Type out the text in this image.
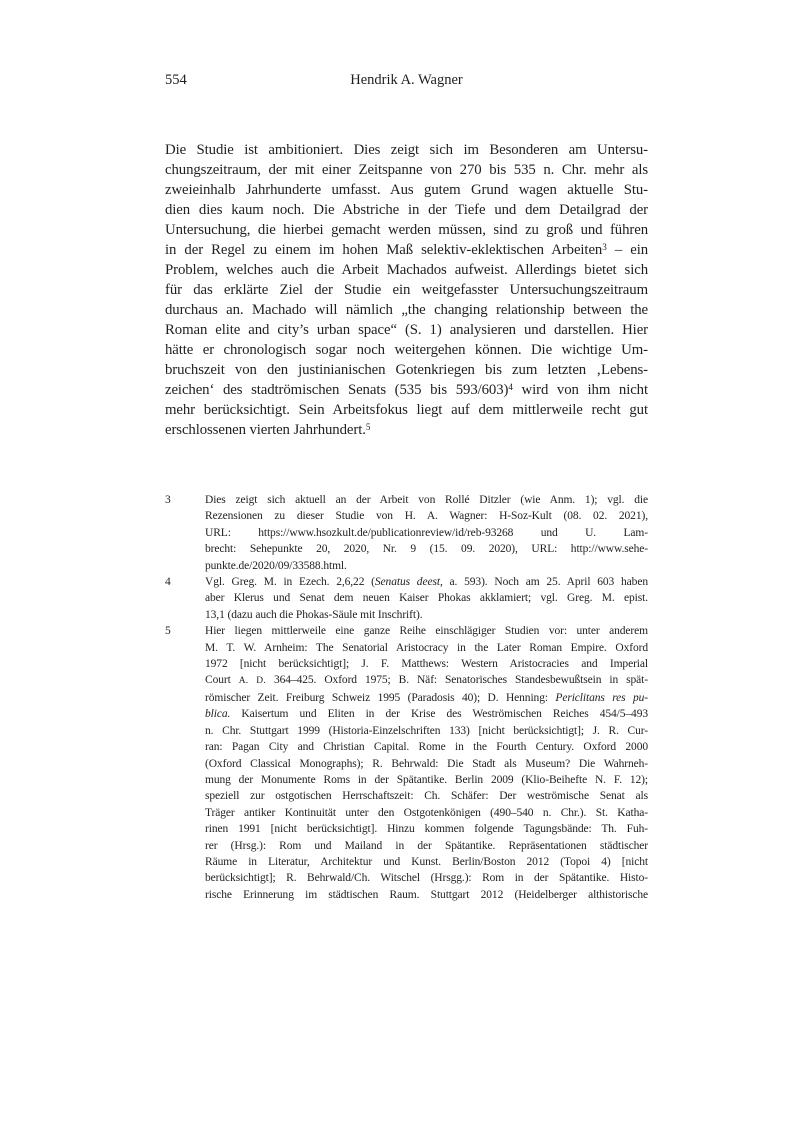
554	Hendrik A. Wagner
Die Studie ist ambitioniert. Dies zeigt sich im Besonderen am Untersu-
chungszeitraum, der mit einer Zeitspanne von 270 bis 535 n. Chr. mehr als
zweieinhalb Jahrhunderte umfasst. Aus gutem Grund wagen aktuelle Stu-
dien dies kaum noch. Die Abstriche in der Tiefe und dem Detailgrad der
Untersuchung, die hierbei gemacht werden müssen, sind zu groß und führen
in der Regel zu einem im hohen Maß selektiv-eklektischen Arbeiten$^3$ – ein
Problem, welches auch die Arbeit Machados aufweist. Allerdings bietet sich
für das erklärte Ziel der Studie ein weitgefasster Untersuchungszeitraum
durchaus an. Machado will nämlich „the changing relationship between the
Roman elite and city’s urban space“ (S. 1) analysieren und darstellen. Hier
hätte er chronologisch sogar noch weitergehen können. Die wichtige Um-
bruchszeit von den justinianischen Gotenkriegen bis zum letzten ‚Lebens-
zeichen‘ des stadtrömischen Senats (535 bis 593/603)$^4$ wird von ihm nicht
mehr berücksichtigt. Sein Arbeitsfokus liegt auf dem mittlerweile recht gut
erschlossenen vierten Jahrhundert.$^5$
3	Dies zeigt sich aktuell an der Arbeit von Rollé Ditzler (wie Anm. 1); vgl. die
Rezensionen zu dieser Studie von H. A. Wagner: H-Soz-Kult (08. 02. 2021),
URL: https://www.hsozkult.de/publicationreview/id/reb-93268 und U. Lam-
brecht: Sehepunkte 20, 2020, Nr. 9 (15. 09. 2020), URL: http://www.sehe-
punkte.de/2020/09/33588.html.
4	Vgl. Greg. M. in Ezech. 2,6,22 (Senatus deest, a. 593). Noch am 25. April 603 haben
aber Klerus und Senat dem neuen Kaiser Phokas akklamiert; vgl. Greg. M. epist.
13,1 (dazu auch die Phokas-Säule mit Inschrift).
5	Hier liegen mittlerweile eine ganze Reihe einschlägiger Studien vor: unter anderem
M. T. W. Arnheim: The Senatorial Aristocracy in the Later Roman Empire. Oxford
1972 [nicht berücksichtigt]; J. F. Matthews: Western Aristocracies and Imperial
Court A. D. 364–425. Oxford 1975; B. Näf: Senatorisches Standesbewußtsein in spät-
römischer Zeit. Freiburg Schweiz 1995 (Paradosis 40); D. Henning: Periclitans res pu-
blica. Kaisertum und Eliten in der Krise des Weströmischen Reiches 454/5–493
n. Chr. Stuttgart 1999 (Historia-Einzelschriften 133) [nicht berücksichtigt]; J. R. Cur-
ran: Pagan City and Christian Capital. Rome in the Fourth Century. Oxford 2000
(Oxford Classical Monographs); R. Behrwald: Die Stadt als Museum? Die Wahrneh-
mung der Monumente Roms in der Spätantike. Berlin 2009 (Klio-Beihefte N. F. 12);
speziell zur ostgotischen Herrschaftszeit: Ch. Schäfer: Der weströmische Senat als
Träger antiker Kontinuität unter den Ostgotenkönigen (490–540 n. Chr.). St. Katha-
rinen 1991 [nicht berücksichtigt]. Hinzu kommen folgende Tagungsbände: Th. Fuh-
rer (Hrsg.): Rom und Mailand in der Spätantike. Repräsentationen städtischer
Räume in Literatur, Architektur und Kunst. Berlin/Boston 2012 (Topoi 4) [nicht
berücksichtigt]; R. Behrwald/Ch. Witschel (Hrsgg.): Rom in der Spätantike. Histo-
rische Erinnerung im städtischen Raum. Stuttgart 2012 (Heidelberger althistorische
